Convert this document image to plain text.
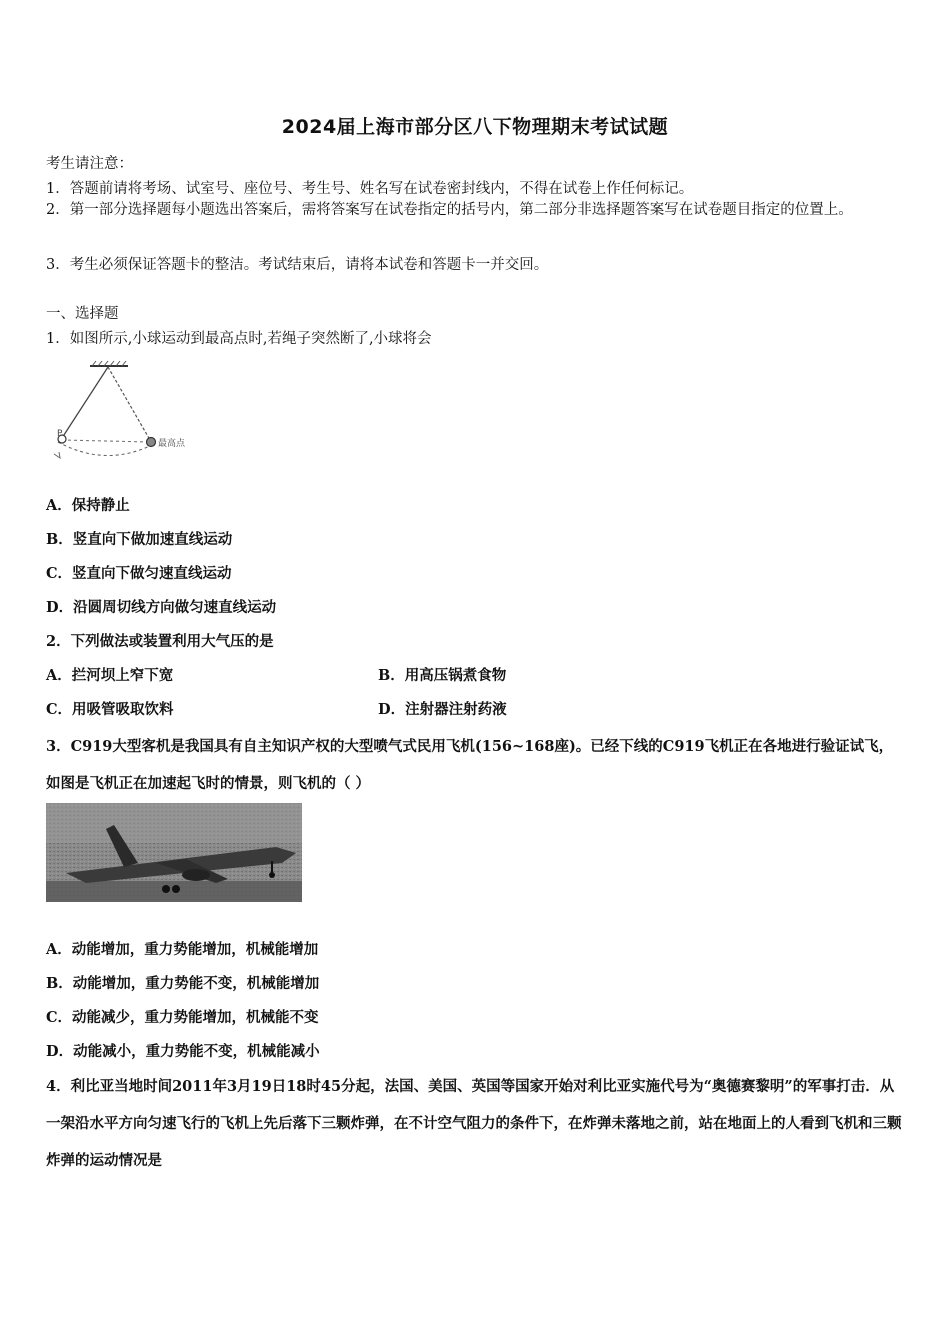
2024届上海市部分区八下物理期末考试试题
考生请注意：
1．答题前请将考场、试室号、座位号、考生号、姓名写在试卷密封线内，不得在试卷上作任何标记。
2．第一部分选择题每小题选出答案后，需将答案写在试卷指定的括号内，第二部分非选择题答案写在试卷题目指定的位置上。
3．考生必须保证答题卡的整洁。考试结束后，请将本试卷和答题卡一并交回。
一、选择题
1．如图所示,小球运动到最高点时,若绳子突然断了,小球将会
P
最高点
A．保持静止
B．竖直向下做加速直线运动
C．竖直向下做匀速直线运动
D．沿圆周切线方向做匀速直线运动
2．下列做法或装置利用大气压的是
A．拦河坝上窄下宽	B．用高压锅煮食物
C．用吸管吸取饮料	D．注射器注射药液
3．C919大型客机是我国具有自主知识产权的大型喷气式民用飞机(156~168座)。已经下线的C919飞机正在各地进行验证试飞，如图是飞机正在加速起飞时的情景，则飞机的（ ）
A．动能增加，重力势能增加，机械能增加
B．动能增加，重力势能不变，机械能增加
C．动能减少，重力势能增加，机械能不变
D．动能减小，重力势能不变，机械能减小
4．利比亚当地时间2011年3月19日18时45分起，法国、美国、英国等国家开始对利比亚实施代号为“奥德赛黎明”的军事打击．从一架沿水平方向匀速飞行的飞机上先后落下三颗炸弹，在不计空气阻力的条件下，在炸弹未落地之前，站在地面上的人看到飞机和三颗炸弹的运动情况是
